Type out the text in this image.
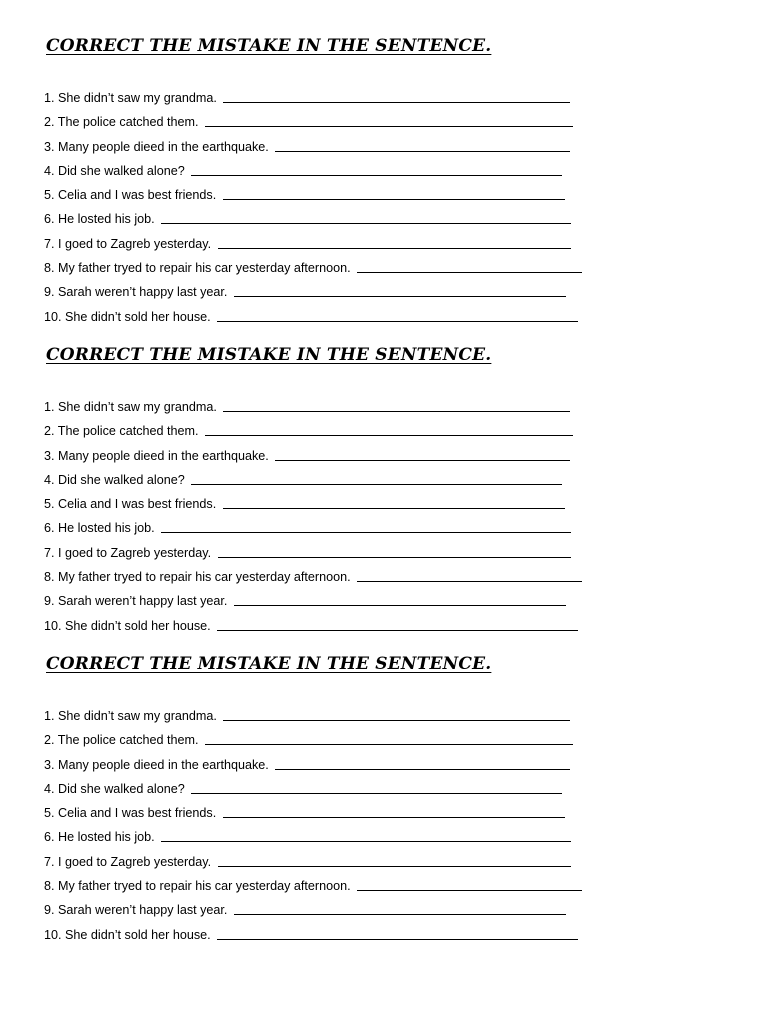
CORRECT THE MISTAKE IN THE SENTENCE.
1. She didn’t saw my grandma.
2. The police catched them.
3. Many people dieed in the earthquake.
4. Did she walked alone?
5. Celia and I was best friends.
6. He losted his job.
7. I goed to Zagreb yesterday.
8. My father tryed to repair his car yesterday afternoon.
9. Sarah weren’t happy last year.
10. She didn’t sold her house.
CORRECT THE MISTAKE IN THE SENTENCE.
1. She didn’t saw my grandma.
2. The police catched them.
3. Many people dieed in the earthquake.
4. Did she walked alone?
5. Celia and I was best friends.
6. He losted his job.
7. I goed to Zagreb yesterday.
8. My father tryed to repair his car yesterday afternoon.
9. Sarah weren’t happy last year.
10. She didn’t sold her house.
CORRECT THE MISTAKE IN THE SENTENCE.
1. She didn’t saw my grandma.
2. The police catched them.
3. Many people dieed in the earthquake.
4. Did she walked alone?
5. Celia and I was best friends.
6. He losted his job.
7. I goed to Zagreb yesterday.
8. My father tryed to repair his car yesterday afternoon.
9. Sarah weren’t happy last year.
10. She didn’t sold her house.
